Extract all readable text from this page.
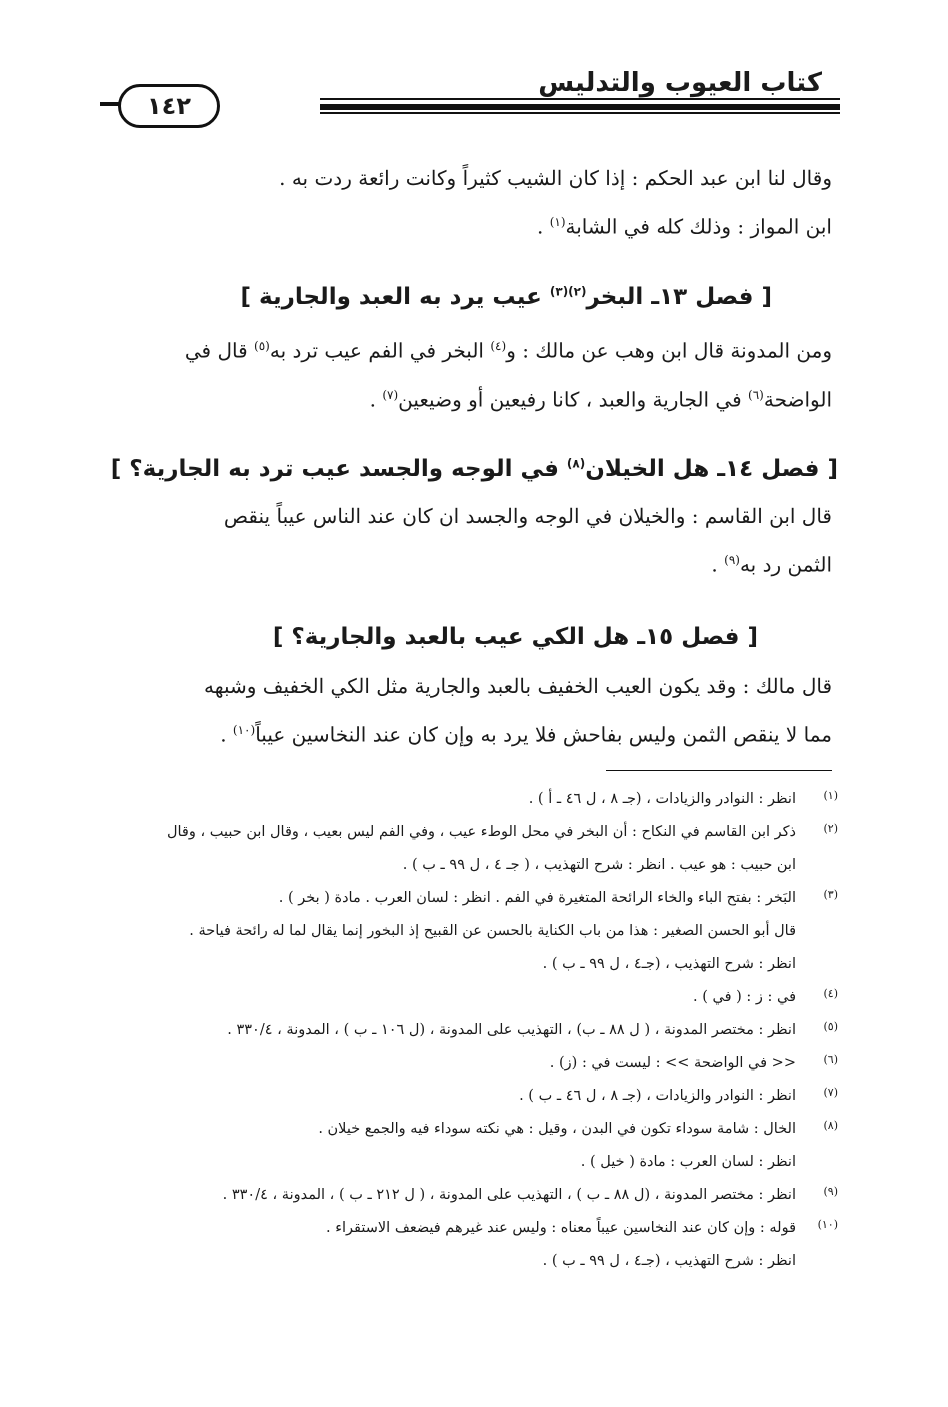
كتاب العيوب والتدليس
١٤٢
وقال لنا ابن عبد الحكم : إذا كان الشيب كثيراً وكانت رائعة ردت به .
ابن المواز : وذلك كله في الشابة$^{(١)}$ .
[ فصل ١٣ـ البخر$^{(٢)(٣)}$ عيب يرد به العبد والجارية ]
ومن المدونة قال ابن وهب عن مالك : و$^{(٤)}$ البخر في الفم عيب ترد به$^{(٥)}$ قال في
الواضحة$^{(٦)}$ في الجارية والعبد ، كانا رفيعين أو وضيعين$^{(٧)}$ .
[ فصل ١٤ـ هل الخيلان$^{(٨)}$ في الوجه والجسد عيب ترد به الجارية؟ ]
قال ابن القاسم : والخيلان في الوجه والجسد ان كان عند الناس عيباً ينقص
الثمن رد به$^{(٩)}$ .
[ فصل ١٥ـ هل الكي عيب بالعبد والجارية؟ ]
قال مالك : وقد يكون العيب الخفيف بالعبد والجارية مثل الكي الخفيف وشبهه
مما لا ينقص الثمن وليس بفاحش فلا يرد به وإن كان عند النخاسين عيباً$^{(١٠)}$ .
(١)
انظر : النوادر والزيادات ، (جـ ٨ ، ل ٤٦ ـ أ ) .
(٢)
ذكر ابن القاسم في النكاح : أن البخر في محل الوطء عيب ، وفي الفم ليس بعيب ، وقال ابن حبيب ، وقال
ابن حبيب : هو عيب . انظر : شرح التهذيب ، ( جـ ٤ ، ل ٩٩ ـ ب ) .
(٣)
البَخر : بفتح الباء والخاء الرائحة المتغيرة في الفم . انظر : لسان العرب . مادة ( بخر ) .
قال أبو الحسن الصغير : هذا من باب الكناية بالحسن عن القبيح إذ البخور إنما يقال لما له رائحة فياحة .
انظر : شرح التهذيب ، (جـ٤ ، ل ٩٩ ـ ب ) .
(٤)
في : ز : ( في ) .
(٥)
انظر : مختصر المدونة ، ( ل ٨٨ ـ ب) ، التهذيب على المدونة ، (ل ١٠٦ ـ ب ) ، المدونة ، ٣٣٠/٤ .
(٦)
<< في الواضحة >> : ليست في : (ز) .
(٧)
انظر : النوادر والزيادات ، (جـ ٨ ، ل ٤٦ ـ ب ) .
(٨)
الخال : شامة سوداء تكون في البدن ، وقيل : هي نكته سوداء فيه والجمع خيلان .
انظر : لسان العرب : مادة ( خيل ) .
(٩)
انظر : مختصر المدونة ، (ل ٨٨ ـ ب ) ، التهذيب على المدونة ، ( ل ٢١٢ ـ ب ) ، المدونة ، ٣٣٠/٤ .
(١٠)
قوله : وإن كان عند النخاسين عيباً معناه : وليس عند غيرهم فيضعف الاستقراء .
انظر : شرح التهذيب ، (جـ٤ ، ل ٩٩ ـ ب ) .
